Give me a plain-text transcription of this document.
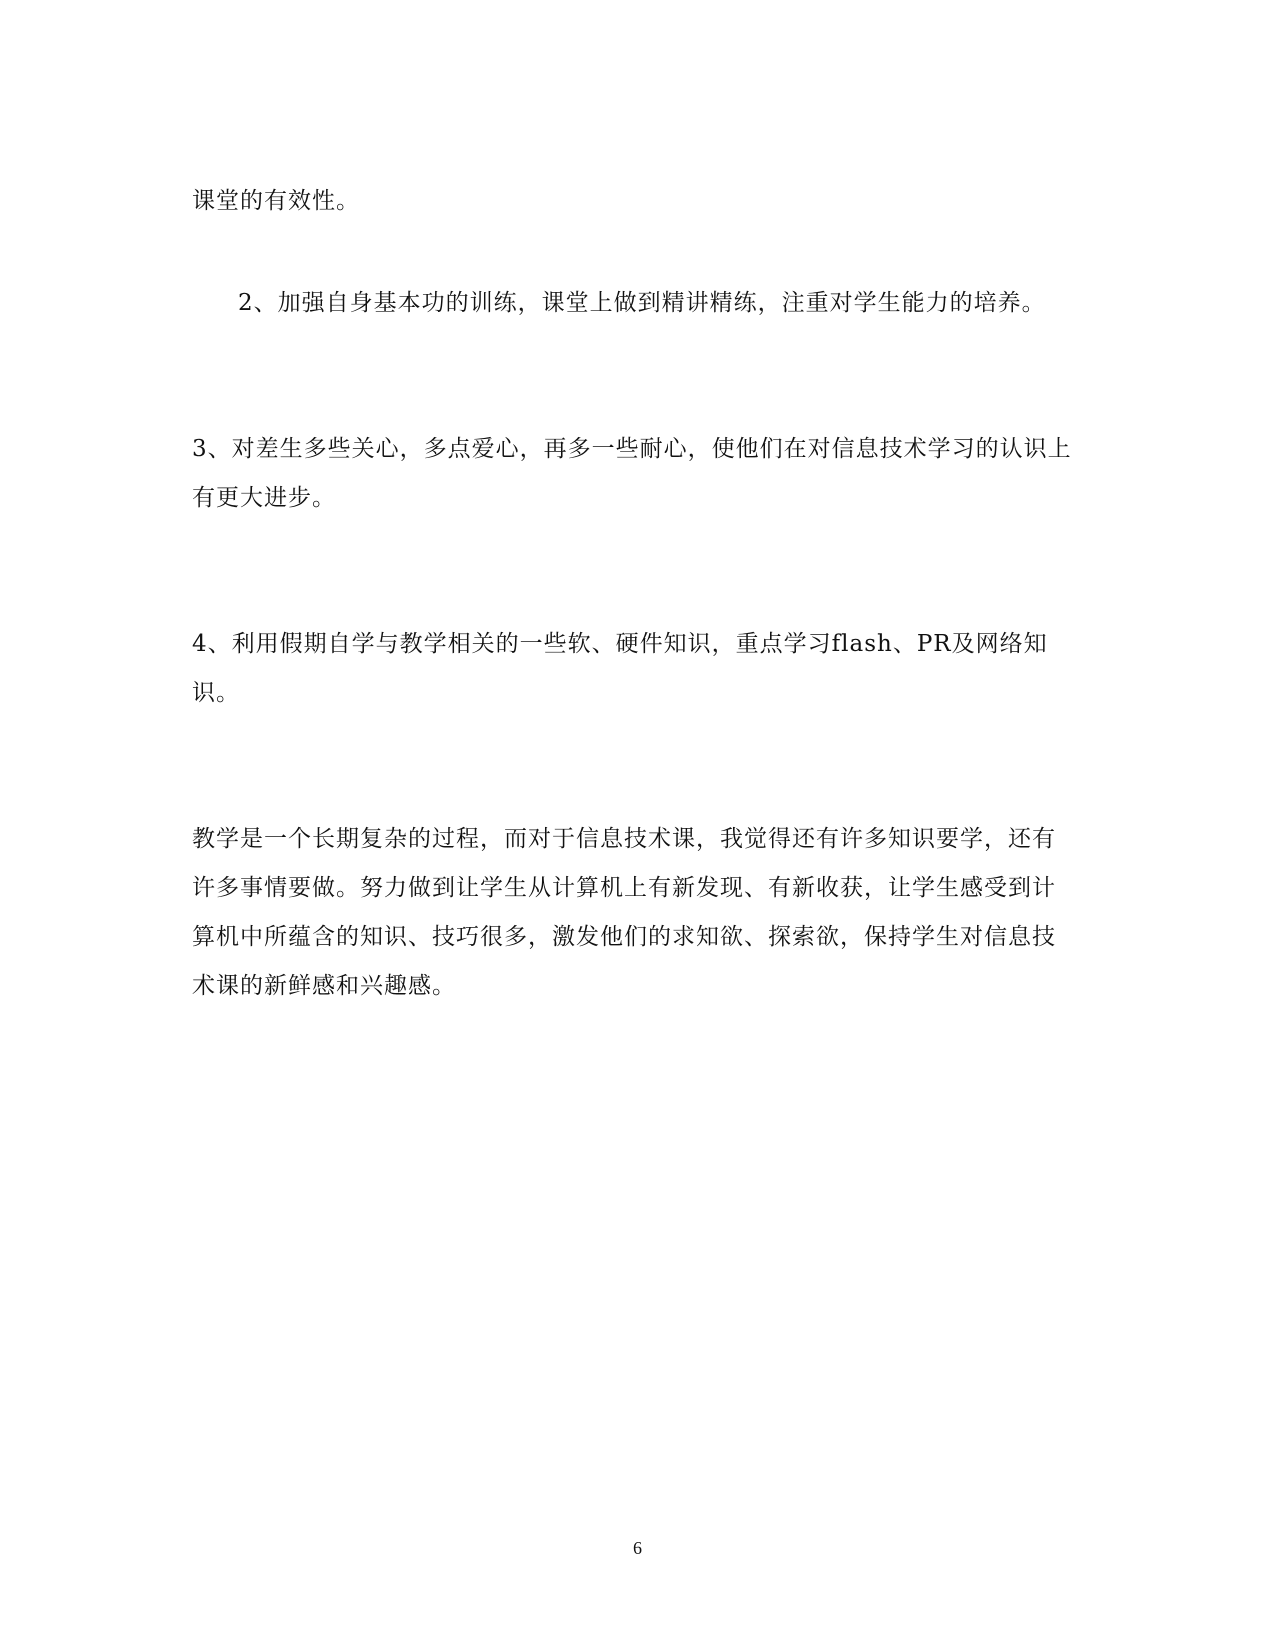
课堂的有效性。

2、加强自身基本功的训练，课堂上做到精讲精练，注重对学生能力的培养。

3、对差生多些关心，多点爱心，再多一些耐心，使他们在对信息技术学习的认识上有更大进步。

4、利用假期自学与教学相关的一些软、硬件知识，重点学习flash、PR及网络知识。

教学是一个长期复杂的过程，而对于信息技术课，我觉得还有许多知识要学，还有许多事情要做。努力做到让学生从计算机上有新发现、有新收获，让学生感受到计算机中所蕴含的知识、技巧很多，激发他们的求知欲、探索欲，保持学生对信息技术课的新鲜感和兴趣感。

6
